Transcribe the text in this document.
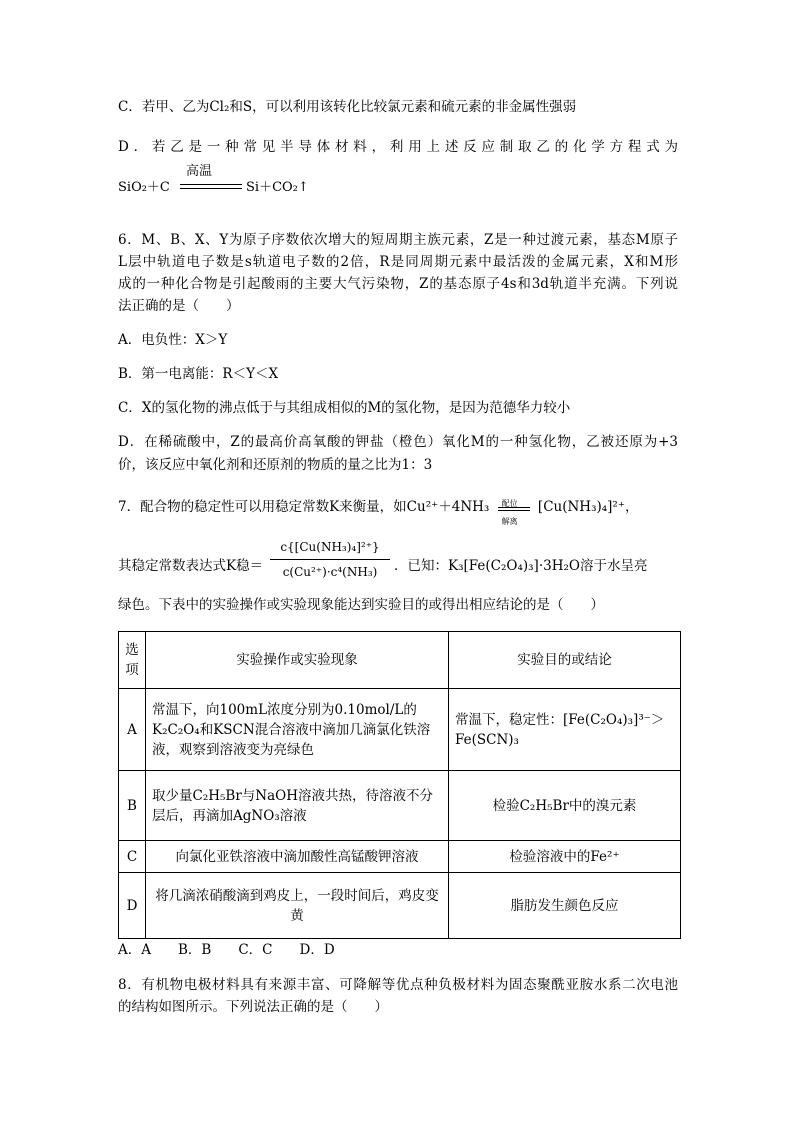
C．若甲、乙为Cl₂和S，可以利用该转化比较氯元素和硫元素的非金属性强弱
D．若乙是一种常见半导体材料，利用上述反应制取乙的化学方程式为
SiO₂＋C
高温
Si＋CO₂↑
6．M、B、X、Y为原子序数依次增大的短周期主族元素，Z是一种过渡元素，基态M原子
L层中轨道电子数是s轨道电子数的2倍，R是同周期元素中最活泼的金属元素，X和M形
成的一种化合物是引起酸雨的主要大气污染物，Z的基态原子4s和3d轨道半充满。下列说
法正确的是（　　）
A．电负性：X＞Y
B．第一电离能：R＜Y＜X
C．X的氢化物的沸点低于与其组成相似的M的氢化物，是因为范德华力较小
D．在稀硫酸中，Z的最高价高氧酸的钾盐（橙色）氧化M的一种氢化物，乙被还原为+3
价，该反应中氧化剂和还原剂的物质的量之比为1：3
7．配合物的稳定性可以用稳定常数K来衡量，如Cu²⁺＋4NH₃ 配位
解离
[Cu(NH₃)₄]²⁺，
其稳定常数表达式K稳＝
c{[Cu(NH₃)₄]²⁺}
c(Cu²⁺)·c⁴(NH₃)	．已知：K₃[Fe(C₂O₄)₃]·3H₂O溶于水呈亮
绿色。下表中的实验操作或实验现象能达到实验目的或得出相应结论的是（　　）
选项	实验操作或实验现象	实验目的或结论
A	常温下，向100mL浓度分别为0.10mol/L的K₂C₂O₄和KSCN混合溶液中滴加几滴氯化铁溶液，观察到溶液变为亮绿色	常温下，稳定性：[Fe(C₂O₄)₃]³⁻＞Fe(SCN)₃
B	取少量C₂H₅Br与NaOH溶液共热，待溶液不分层后，再滴加AgNO₃溶液	检验C₂H₅Br中的溴元素
C	向氯化亚铁溶液中滴加酸性高锰酸钾溶液	检验溶液中的Fe²⁺
D	将几滴浓硝酸滴到鸡皮上，一段时间后，鸡皮变黄	脂肪发生颜色反应
A．A　　B．B　　C．C　　D．D
8．有机物电极材料具有来源丰富、可降解等优点种负极材料为固态聚酰亚胺水系二次电池
的结构如图所示。下列说法正确的是（　　）
